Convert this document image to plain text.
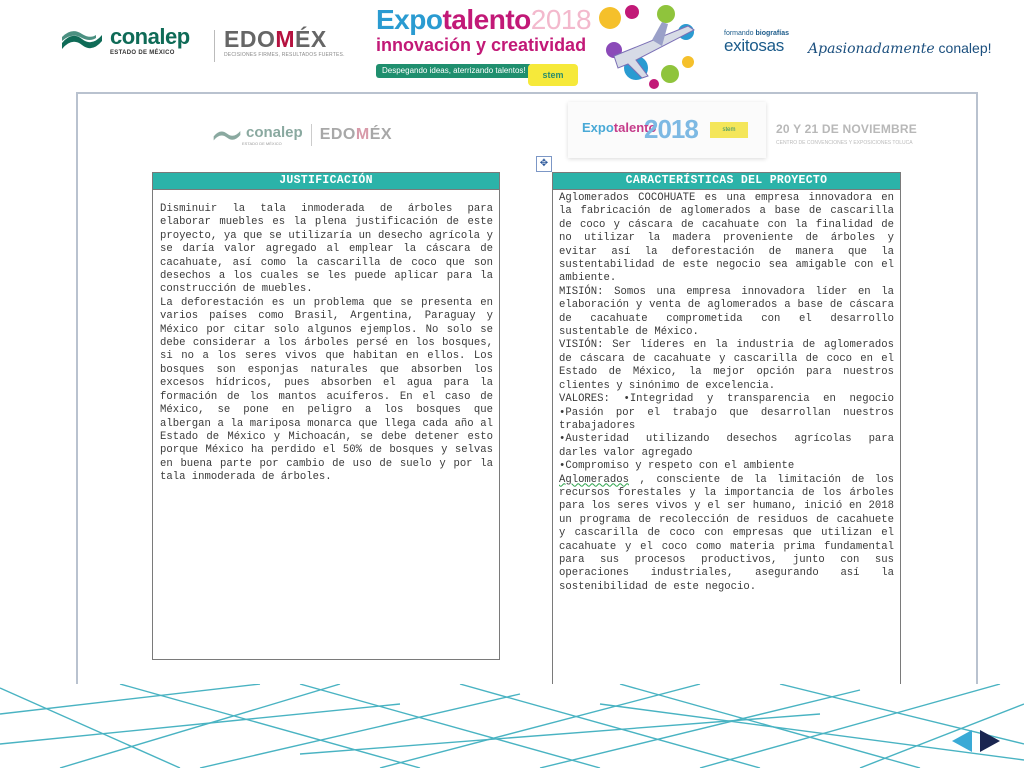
conalep
ESTADO DE MÉXICO
EDOMÉX
DECISIONES FIRMES, RESULTADOS FUERTES.
Expotalento2018
innovación y creatividad
Despegando ideas, aterrizando talentos!	stem
formando biografías
exitosas	Apasionadamente conalep!
conalep
ESTADO DE MÉXICO
EDOMÉX	Expotalento
2018	stem	20 Y 21 DE NOVIEMBRE
CENTRO DE CONVENCIONES Y EXPOSICIONES TOLUCA
✥
JUSTIFICACIÓN
Disminuir la tala inmoderada de árboles para elaborar muebles es la plena justificación de este proyecto, ya que se utilizaría un desecho agrícola y se daría valor agregado al emplear la cáscara de cacahuate, así como la cascarilla de coco que son desechos a los cuales se les puede aplicar para la construcción de muebles.
La deforestación es un problema que se presenta en varios países como Brasil, Argentina, Paraguay y México por citar solo algunos ejemplos. No solo se debe considerar a los árboles persé en los bosques, si no a los seres vivos que habitan en ellos. Los bosques son esponjas naturales que absorben los excesos hídricos, pues absorben el agua para la formación de los mantos acuíferos. En el caso de México, se pone en peligro a los bosques que albergan a la mariposa monarca que llega cada año al Estado de México y Michoacán, se debe detener esto porque México ha perdido el 50% de bosques y selvas en buena parte por cambio de uso de suelo y por la tala inmoderada de árboles.
CARACTERÍSTICAS DEL PROYECTO
Aglomerados COCOHUATE es una empresa innovadora en la fabricación de aglomerados a base de cascarilla de coco y cáscara de cacahuate con la finalidad de no utilizar la madera proveniente de árboles y evitar así la deforestación de manera que la sustentabilidad de este negocio sea amigable con el ambiente.
MISIÓN: Somos una empresa innovadora líder en la elaboración y venta de aglomerados a base de cáscara de cacahuate comprometida con el desarrollo sustentable de México.
VISIÓN: Ser líderes en la industria de aglomerados de cáscara de cacahuate y cascarilla de coco en el Estado de México, la mejor opción para nuestros clientes y sinónimo de excelencia.
VALORES: •Integridad y transparencia en negocio •Pasión por el trabajo que desarrollan nuestros trabajadores
•Austeridad utilizando desechos agrícolas para darles valor agregado
•Compromiso y respeto con el ambiente
Aglomerados , consciente de la limitación de los recursos forestales y la importancia de los árboles para los seres vivos y el ser humano, inició en 2018 un programa de recolección de residuos de cacahuete y cascarilla de coco con empresas que utilizan el cacahuate y el coco como materia prima fundamental para sus procesos productivos, junto con sus operaciones industriales, asegurando así la sostenibilidad de este negocio.
